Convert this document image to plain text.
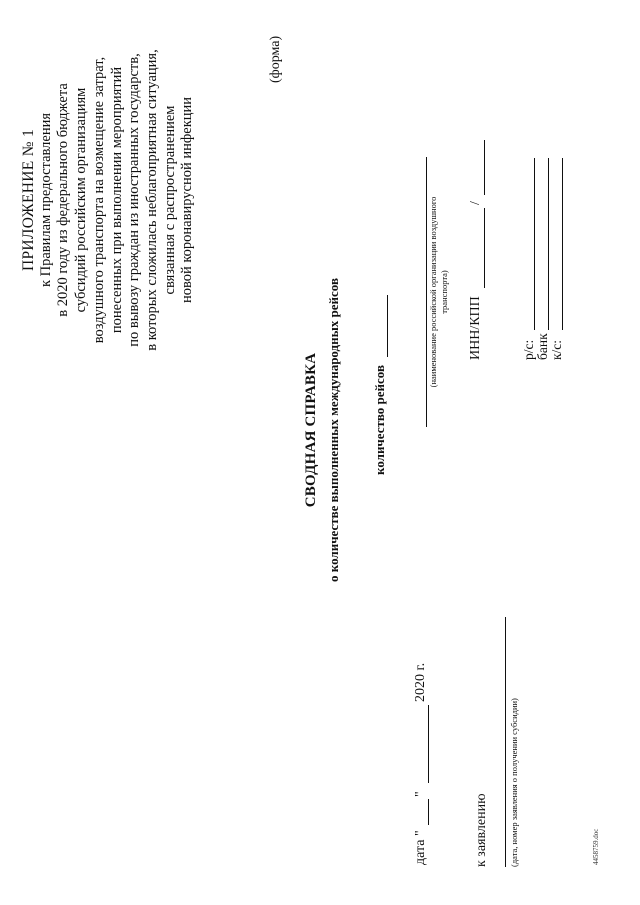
ПРИЛОЖЕНИЕ № 1 к Правилам предоставления в 2020 году из федерального бюджета субсидий российским организациям воздушного транспорта на возмещение затрат, понесенных при выполнении мероприятий по вывозу граждан из иностранных государств, в которых сложилась неблагоприятная ситуация, связанная с распространением новой коронавирусной инфекции
(форма)
СВОДНАЯ СПРАВКА о количестве выполненных международных рейсов количество рейсов
(наименование российской организации воздушного транспорта)
ИНН/КПП
/
р/с: банк к/с:
дата "
"
2020 г.
к заявлению (дата, номер заявления о получении субсидии)	4458759.doc
